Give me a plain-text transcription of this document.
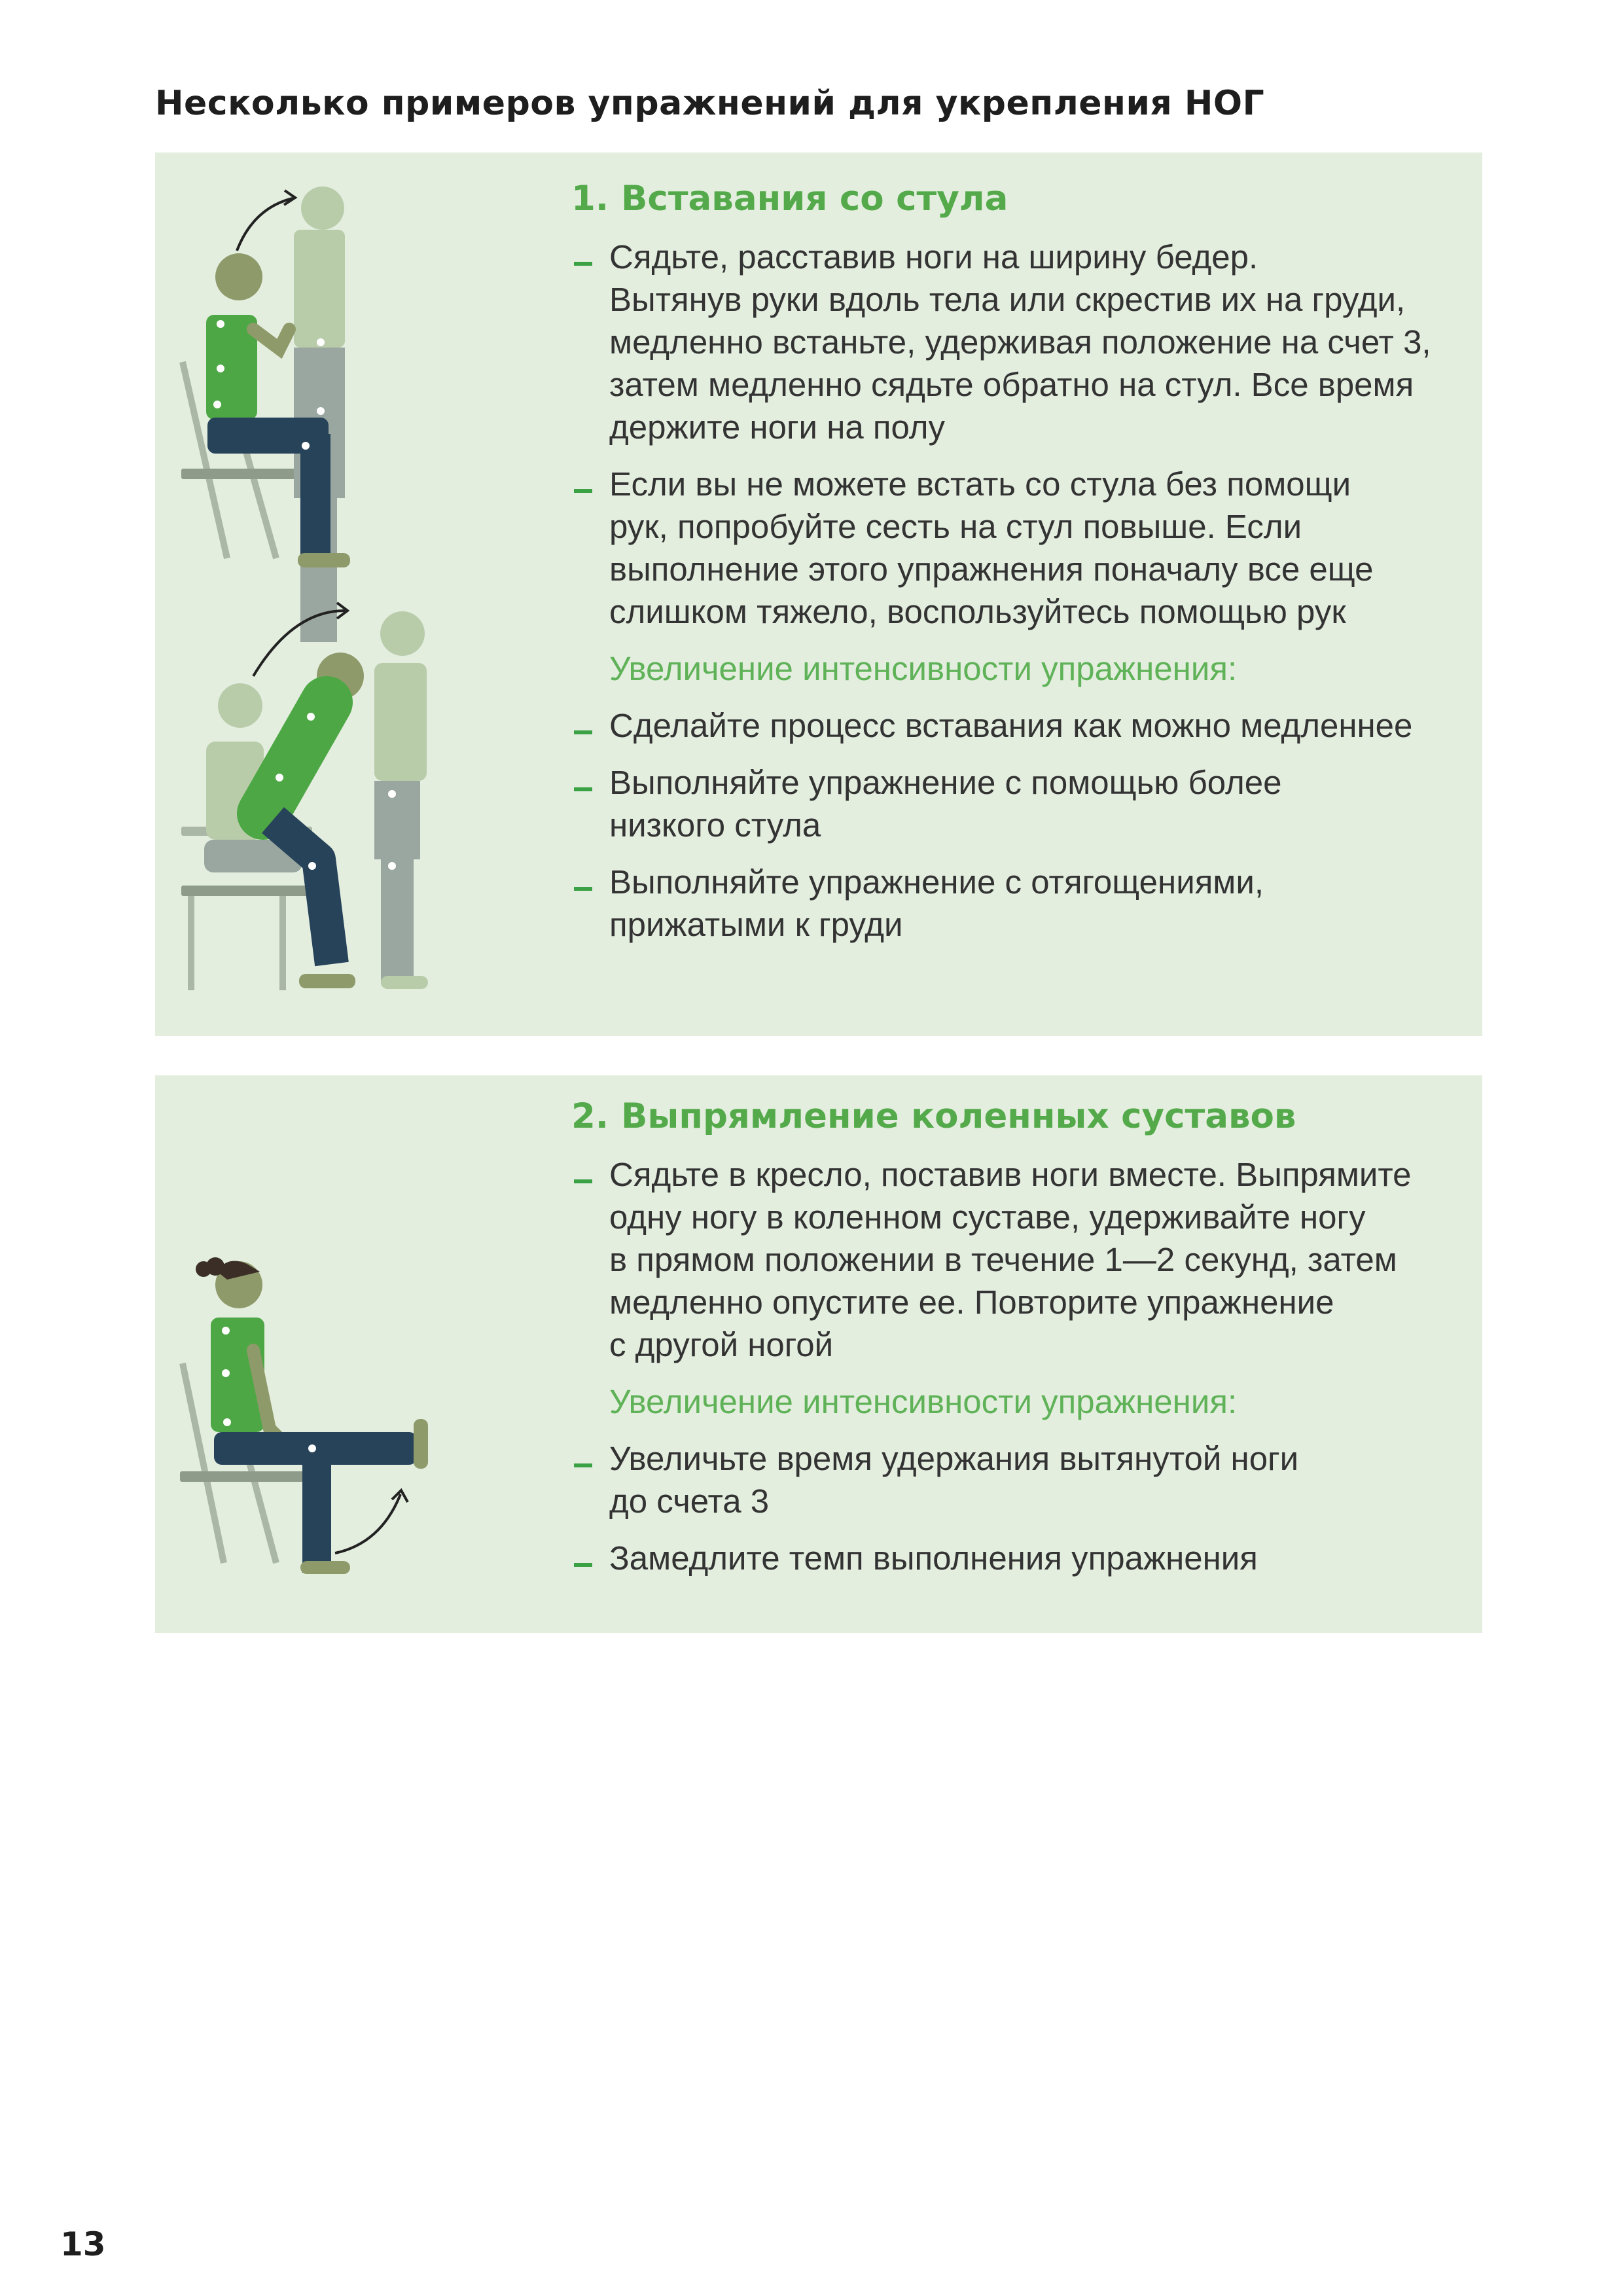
Несколько примеров упражнений для укрепления НОГ
1. Вставания со стула
Сядьте, расставив ноги на ширину бедер.
Вытянув руки вдоль тела или скрестив их на груди,
медленно встаньте, удерживая положение на счет 3,
затем медленно сядьте обратно на стул. Все время
держите ноги на полу
Если вы не можете встать со стула без помощи
рук, попробуйте сесть на стул повыше. Если
выполнение этого упражнения поначалу все еще
слишком тяжело, воспользуйтесь помощью рук
Увеличение интенсивности упражнения:
Сделайте процесс вставания как можно медленнее
Выполняйте упражнение с помощью более
низкого стула
Выполняйте упражнение с отягощениями,
прижатыми к груди
2. Выпрямление коленных суставов
Сядьте в кресло, поставив ноги вместе. Выпрямите
одну ногу в коленном суставе, удерживайте ногу
в прямом положении в течение 1—2 секунд, затем
медленно опустите ее. Повторите упражнение
с другой ногой
Увеличение интенсивности упражнения:
Увеличьте время удержания вытянутой ноги
до счета 3
Замедлите темп выполнения упражнения
13
